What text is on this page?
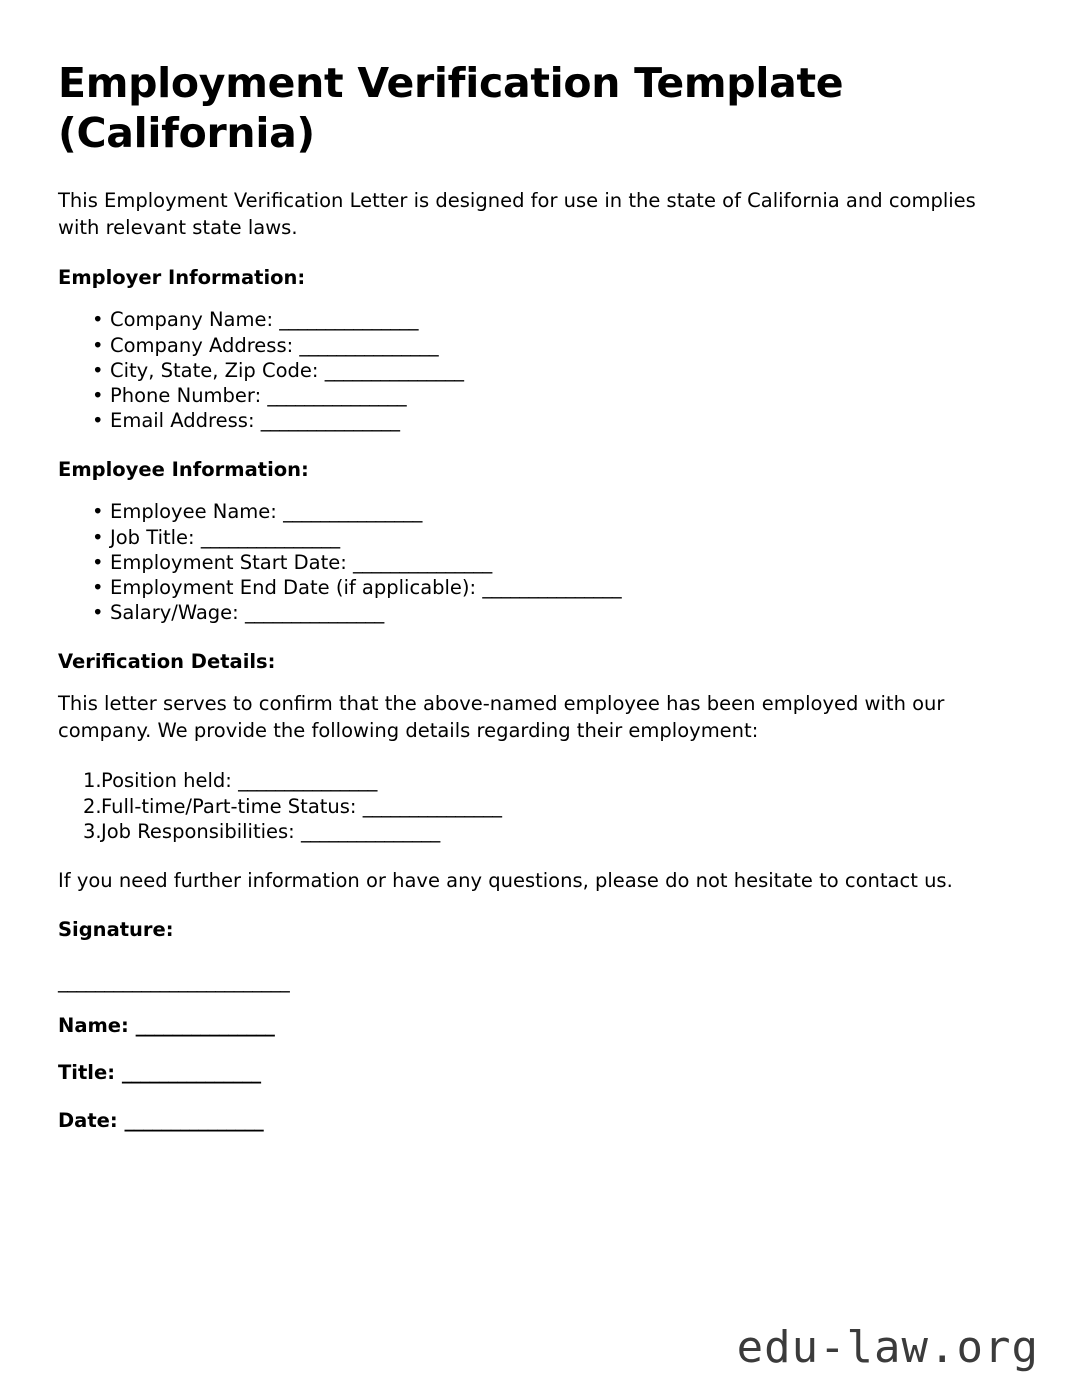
Employment Verification Template (California)

This Employment Verification Letter is designed for use in the state of California and complies with relevant state laws.

Employer Information:
• Company Name: _______________
• Company Address: _______________
• City, State, Zip Code: _______________
• Phone Number: _______________
• Email Address: _______________
Employee Information:
• Employee Name: _______________
• Job Title: _______________
• Employment Start Date: _______________
• Employment End Date (if applicable): _______________
• Salary/Wage: _______________
Verification Details:

This letter serves to confirm that the above-named employee has been employed with our company. We provide the following details regarding their employment:

Position held: _______________
Full-time/Part-time Status: _______________
Job Responsibilities: _______________

If you need further information or have any questions, please do not hesitate to contact us.

Signature:
_________________________
Name: _______________
Title: _______________
Date: _______________
edu-law.org
